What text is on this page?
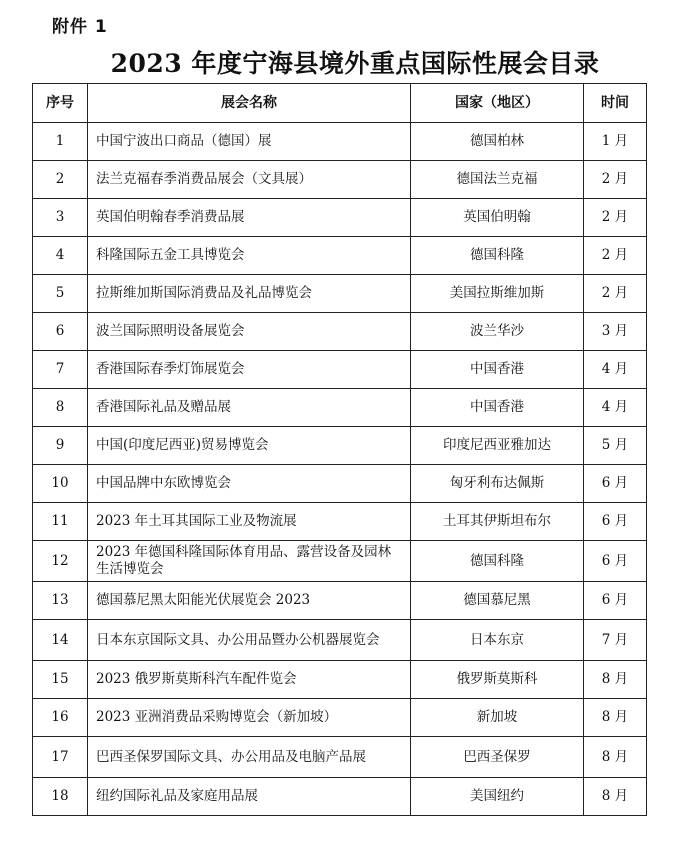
附件 1
2023 年度宁海县境外重点国际性展会目录
序号	展会名称	国家（地区）	时间
1	中国宁波出口商品（德国）展	德国柏林	1 月
2	法兰克福春季消费品展会（文具展）	德国法兰克福	2 月
3	英国伯明翰春季消费品展	英国伯明翰	2 月
4	科隆国际五金工具博览会	德国科隆	2 月
5	拉斯维加斯国际消费品及礼品博览会	美国拉斯维加斯	2 月
6	波兰国际照明设备展览会	波兰华沙	3 月
7	香港国际春季灯饰展览会	中国香港	4 月
8	香港国际礼品及赠品展	中国香港	4 月
9	中国(印度尼西亚)贸易博览会	印度尼西亚雅加达	5 月
10	中国品牌中东欧博览会	匈牙利布达佩斯	6 月
11	2023 年土耳其国际工业及物流展	土耳其伊斯坦布尔	6 月
12	2023 年德国科隆国际体育用品、露营设备及园林生活博览会	德国科隆	6 月
13	德国慕尼黑太阳能光伏展览会 2023	德国慕尼黑	6 月
14	日本东京国际文具、办公用品暨办公机器展览会	日本东京	7 月
15	2023 俄罗斯莫斯科汽车配件览会	俄罗斯莫斯科	8 月
16	2023 亚洲消费品采购博览会（新加坡）	新加坡	8 月
17	巴西圣保罗国际文具、办公用品及电脑产品展	巴西圣保罗	8 月
18	纽约国际礼品及家庭用品展	美国纽约	8 月
